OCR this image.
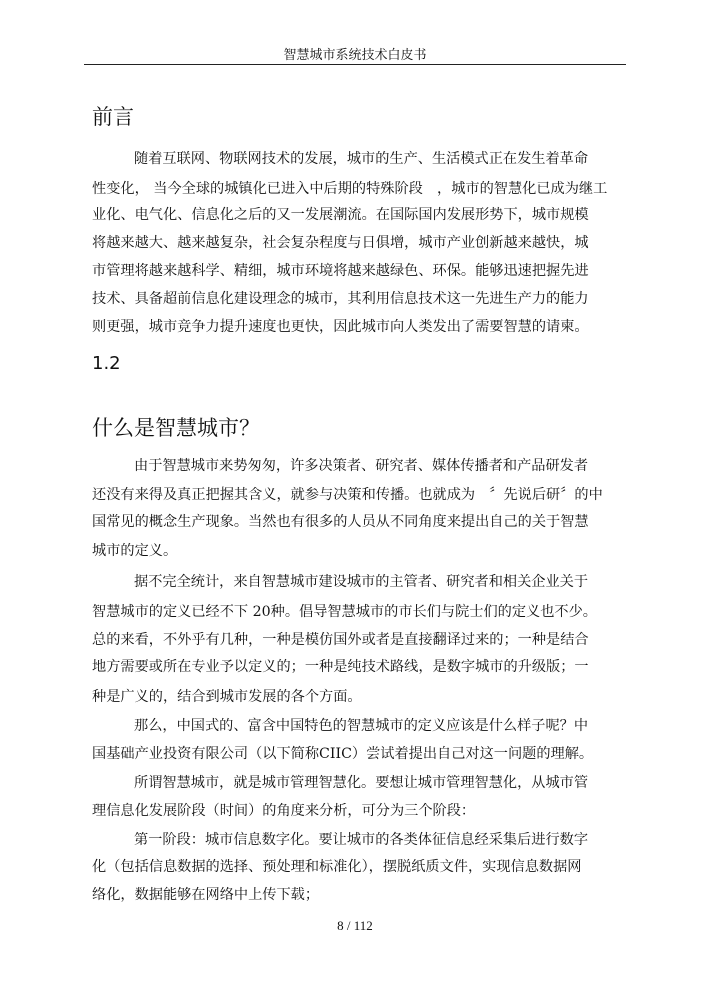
智慧城市系统技术白皮书
前言
随着互联网、物联网技术的发展，城市的生产、生活模式正在发生着革命
性变化， 当今全球的城镇化已进入中后期的特殊阶段　，城市的智慧化已成为继工
业化、电气化、信息化之后的又一发展潮流。在国际国内发展形势下，城市规模
将越来越大、越来越复杂，社会复杂程度与日俱增，城市产业创新越来越快，城
市管理将越来越科学、精细，城市环境将越来越绿色、环保。能够迅速把握先进
技术、具备超前信息化建设理念的城市，其利用信息技术这一先进生产力的能力
则更强，城市竞争力提升速度也更快，因此城市向人类发出了需要智慧的请柬。
1.2
什么是智慧城市？
由于智慧城市来势匆匆，许多决策者、研究者、媒体传播者和产品研发者
还没有来得及真正把握其含义，就参与决策和传播。也就成为　〞先说后研〞的中
国常见的概念生产现象。当然也有很多的人员从不同角度来提出自己的关于智慧
城市的定义。
据不完全统计，来自智慧城市建设城市的主管者、研究者和相关企业关于
智慧城市的定义已经不下 20种。倡导智慧城市的市长们与院士们的定义也不少。
总的来看，不外乎有几种，一种是模仿国外或者是直接翻译过来的；一种是结合
地方需要或所在专业予以定义的；一种是纯技术路线，是数字城市的升级版；一
种是广义的，结合到城市发展的各个方面。
那么，中国式的、富含中国特色的智慧城市的定义应该是什么样子呢？中
国基础产业投资有限公司（以下简称CIIC）尝试着提出自己对这一问题的理解。
所谓智慧城市，就是城市管理智慧化。要想让城市管理智慧化，从城市管
理信息化发展阶段（时间）的角度来分析，可分为三个阶段：
第一阶段：城市信息数字化。要让城市的各类体征信息经采集后进行数字
化（包括信息数据的选择、预处理和标准化），摆脱纸质文件，实现信息数据网
络化，数据能够在网络中上传下载；
8 / 112
